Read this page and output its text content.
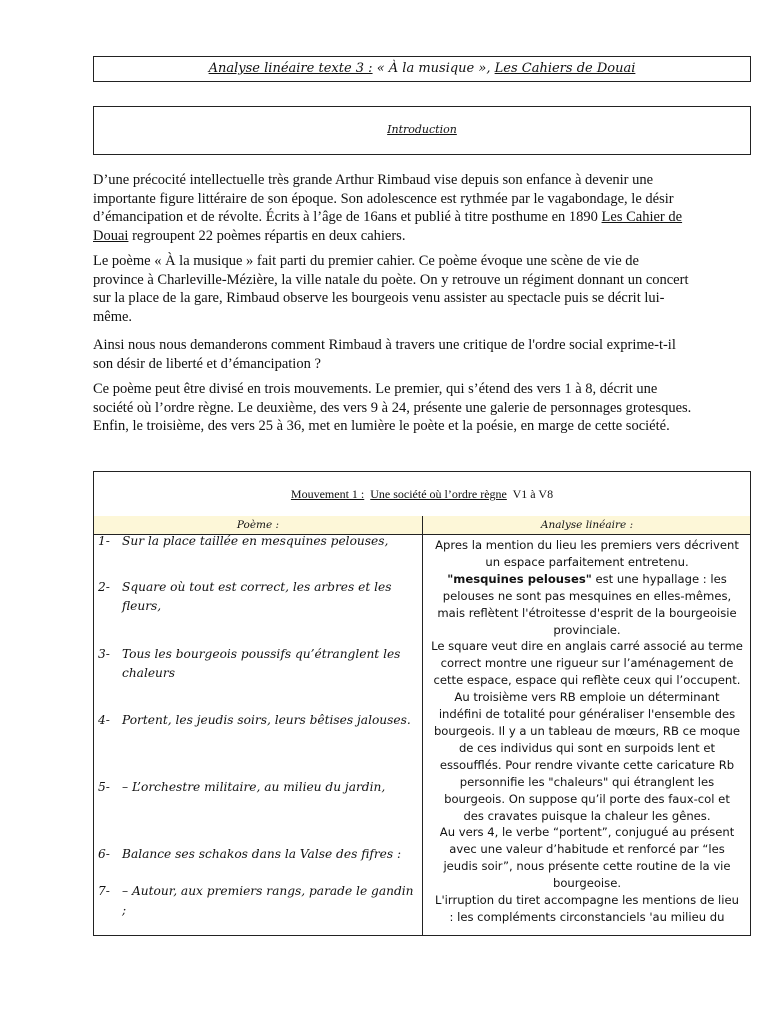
Analyse linéaire texte 3 : « À la musique », Les Cahiers de Douai
Introduction

D’une précocité intellectuelle très grande Arthur Rimbaud vise depuis son enfance à devenir une importante figure littéraire de son époque. Son adolescence est rythmée par le vagabondage, le désir d’émancipation et de révolte. Écrits à l’âge de 16ans et publié à titre posthume en 1890 Les Cahier de Douai regroupent 22 poèmes répartis en deux cahiers.

Le poème « À la musique » fait parti du premier cahier. Ce poème évoque une scène de vie de province à Charleville-Mézière, la ville natale du poète. On y retrouve un régiment donnant un concert sur la place de la gare, Rimbaud observe les bourgeois venu assister au spectacle puis se décrit lui-même.

Ainsi nous nous demanderons comment Rimbaud à travers une critique de l'ordre social exprime-t-il son désir de liberté et d’émancipation ?

Ce poème peut être divisé en trois mouvements. Le premier, qui s’étend des vers 1 à 8, décrit une société où l’ordre règne. Le deuxième, des vers 9 à 24, présente une galerie de personnages grotesques. Enfin, le troisième, des vers 25 à 36, met en lumière le poète et la poésie, en marge de cette société.

Mouvement 1 : Une société où l’ordre règne V1 à V8
Poème :	Analyse linéaire :
1- Sur la place taillée en mesquines pelouses,
2- Square où tout est correct, les arbres et les fleurs,
3- Tous les bourgeois poussifs qu’étranglent les chaleurs
4- Portent, les jeudis soirs, leurs bêtises jalouses.
5- – L’orchestre militaire, au milieu du jardin,
6- Balance ses schakos dans la Valse des fifres :
7- – Autour, aux premiers rangs, parade le gandin ;
Apres la mention du lieu les premiers vers décrivent
un espace parfaitement entretenu.
"mesquines pelouses" est une hypallage : les
pelouses ne sont pas mesquines en elles-mêmes,
mais reflètent l'étroitesse d'esprit de la bourgeoisie
provinciale.
Le square veut dire en anglais carré associé au terme
correct montre une rigueur sur l’aménagement de
cette espace, espace qui reflète ceux qui l’occupent.
Au troisième vers RB emploie un déterminant
indéfini de totalité pour généraliser l'ensemble des
bourgeois. Il y a un tableau de mœurs, RB ce moque
de ces individus qui sont en surpoids lent et
essoufflés. Pour rendre vivante cette caricature Rb
personnifie les "chaleurs" qui étranglent les
bourgeois. On suppose qu’il porte des faux-col et
des cravates puisque la chaleur les gênes.
Au vers 4, le verbe “portent”, conjugué au présent
avec une valeur d’habitude et renforcé par “les
jeudis soir”, nous présente cette routine de la vie
bourgeoise.
L'irruption du tiret accompagne les mentions de lieu
: les compléments circonstanciels 'au milieu du
